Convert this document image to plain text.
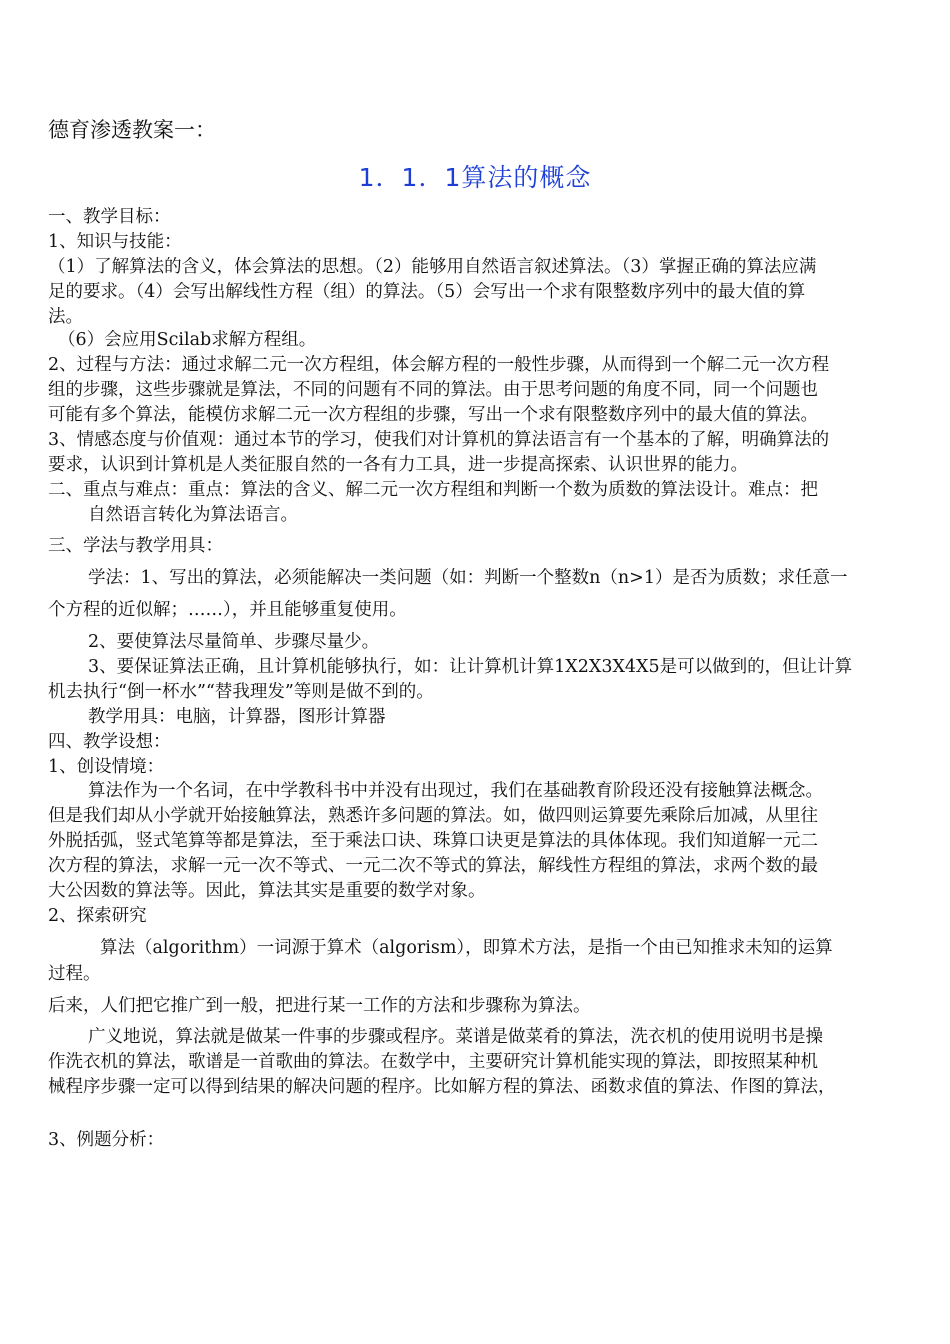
德育渗透教案一：
1．1．1算法的概念
一、教学目标：
1、知识与技能：
（1）了解算法的含义，体会算法的思想。（2）能够用自然语言叙述算法。（3）掌握正确的算法应满
足的要求。（4）会写出解线性方程（组）的算法。（5）会写出一个求有限整数序列中的最大值的算
法。
（6）会应用Scilab求解方程组。
2、过程与方法：通过求解二元一次方程组，体会解方程的一般性步骤，从而得到一个解二元一次方程
组的步骤，这些步骤就是算法，不同的问题有不同的算法。由于思考问题的角度不同，同一个问题也
可能有多个算法，能模仿求解二元一次方程组的步骤，写出一个求有限整数序列中的最大值的算法。
3、情感态度与价值观：通过本节的学习，使我们对计算机的算法语言有一个基本的了解，明确算法的
要求，认识到计算机是人类征服自然的一各有力工具，进一步提高探索、认识世界的能力。
二、重点与难点：重点：算法的含义、解二元一次方程组和判断一个数为质数的算法设计。难点：把
自然语言转化为算法语言。
三、学法与教学用具：
学法：1、写出的算法，必须能解决一类问题（如：判断一个整数n（n>1）是否为质数；求任意一
个方程的近似解；……），并且能够重复使用。
2、要使算法尽量简单、步骤尽量少。
3、要保证算法正确，且计算机能够执行，如：让计算机计算1X2X3X4X5是可以做到的，但让计算
机去执行“倒一杯水”“替我理发”等则是做不到的。
教学用具：电脑，计算器，图形计算器
四、教学设想：
1、创设情境：
算法作为一个名词，在中学教科书中并没有出现过，我们在基础教育阶段还没有接触算法概念。
但是我们却从小学就开始接触算法，熟悉许多问题的算法。如，做四则运算要先乘除后加减，从里往
外脱括弧，竖式笔算等都是算法，至于乘法口诀、珠算口诀更是算法的具体体现。我们知道解一元二
次方程的算法，求解一元一次不等式、一元二次不等式的算法，解线性方程组的算法，求两个数的最
大公因数的算法等。因此，算法其实是重要的数学对象。
2、探索研究
算法（algorithm）一词源于算术（algorism），即算术方法，是指一个由已知推求未知的运算
过程。
后来，人们把它推广到一般，把进行某一工作的方法和步骤称为算法。
广义地说，算法就是做某一件事的步骤或程序。菜谱是做菜肴的算法，洗衣机的使用说明书是操
作洗衣机的算法，歌谱是一首歌曲的算法。在数学中，主要研究计算机能实现的算法，即按照某种机
械程序步骤一定可以得到结果的解决问题的程序。比如解方程的算法、函数求值的算法、作图的算法，
3、例题分析：
